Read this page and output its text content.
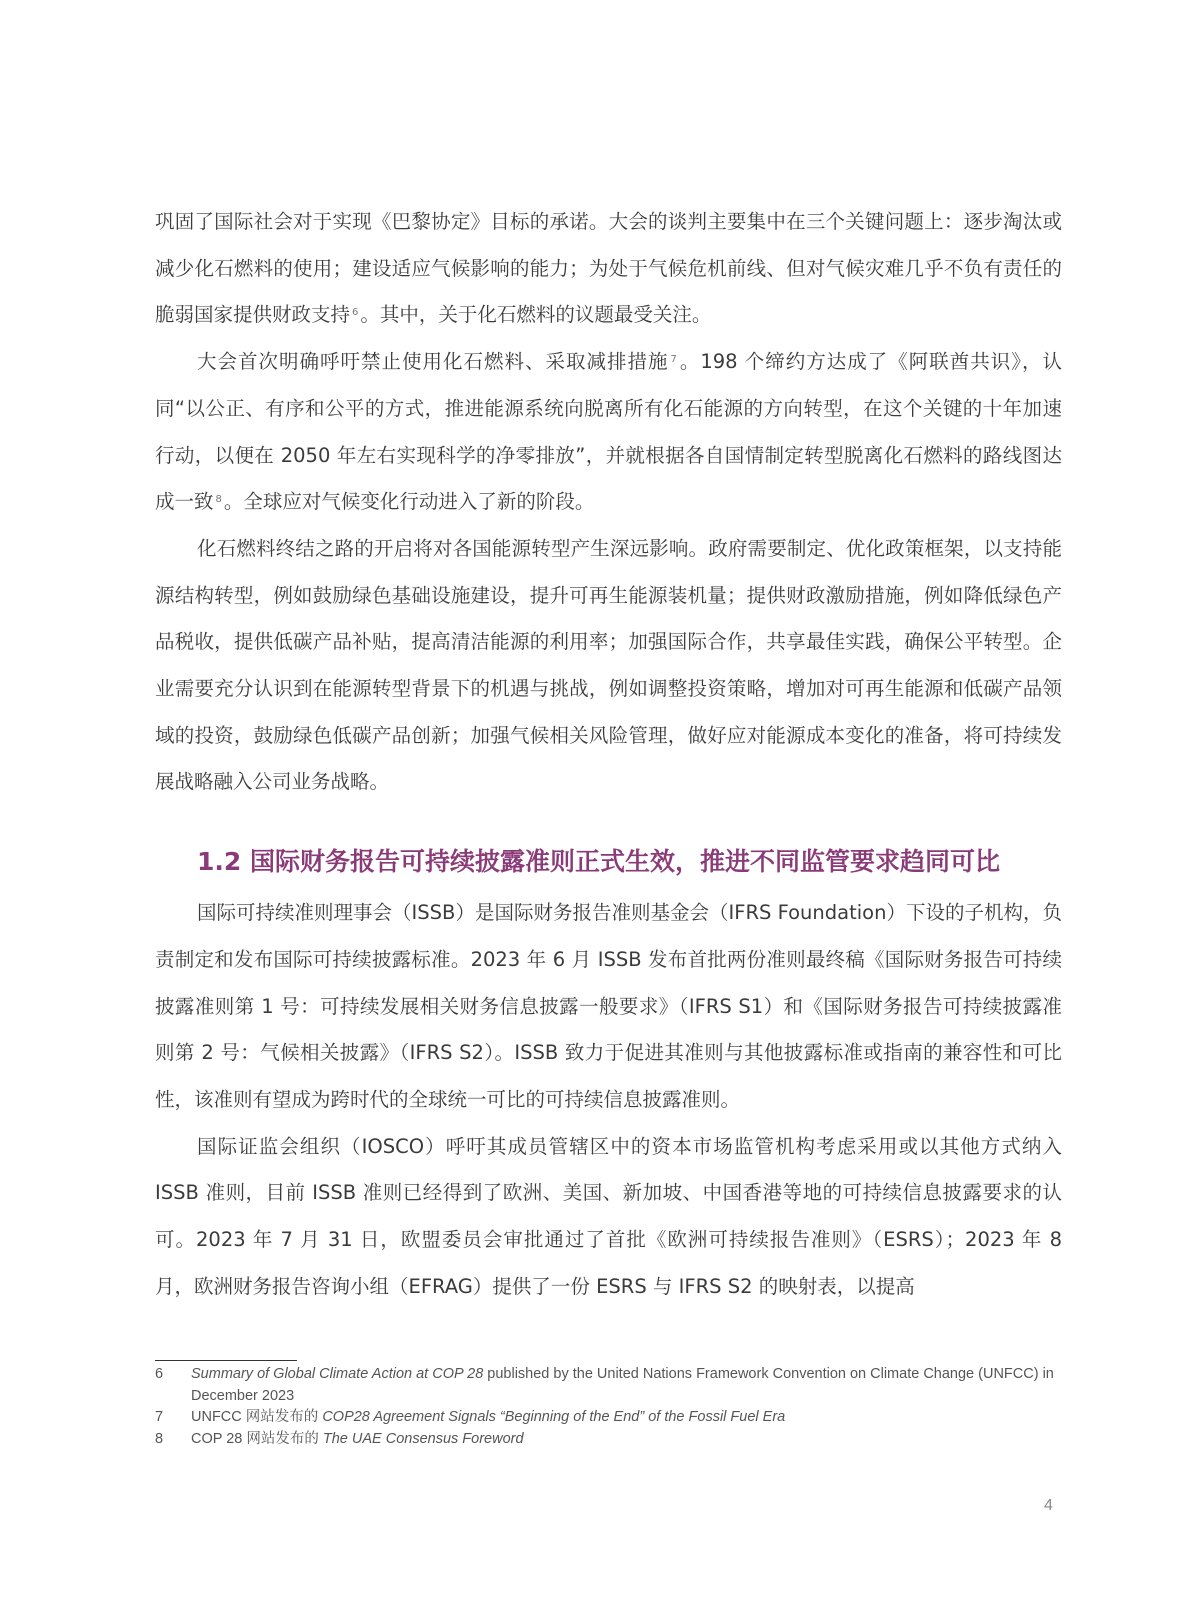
巩固了国际社会对于实现《巴黎协定》目标的承诺。大会的谈判主要集中在三个关键问题上：逐步淘汰或减少化石燃料的使用；建设适应气候影响的能力；为处于气候危机前线、但对气候灾难几乎不负有责任的脆弱国家提供财政支持 $^6$ 。其中，关于化石燃料的议题最受关注。

大会首次明确呼吁禁止使用化石燃料、采取减排措施 $^7$ 。198 个缔约方达成了《阿联酋共识》，认同“以公正、有序和公平的方式，推进能源系统向脱离所有化石能源的方向转型，在这个关键的十年加速行动，以便在 2050 年左右实现科学的净零排放”，并就根据各自国情制定转型脱离化石燃料的路线图达成一致 $^8$ 。全球应对气候变化行动进入了新的阶段。

化石燃料终结之路的开启将对各国能源转型产生深远影响。政府需要制定、优化政策框架，以支持能源结构转型，例如鼓励绿色基础设施建设，提升可再生能源装机量；提供财政激励措施，例如降低绿色产品税收，提供低碳产品补贴，提高清洁能源的利用率；加强国际合作，共享最佳实践，确保公平转型。企业需要充分认识到在能源转型背景下的机遇与挑战，例如调整投资策略，增加对可再生能源和低碳产品领域的投资，鼓励绿色低碳产品创新；加强气候相关风险管理，做好应对能源成本变化的准备，将可持续发展战略融入公司业务战略。

1.2 国际财务报告可持续披露准则正式生效，推进不同监管要求趋同可比

国际可持续准则理事会（ISSB）是国际财务报告准则基金会（IFRS Foundation）下设的子机构，负责制定和发布国际可持续披露标准。2023 年 6 月 ISSB 发布首批两份准则最终稿《国际财务报告可持续披露准则第 1 号：可持续发展相关财务信息披露一般要求》（IFRS S1）和《国际财务报告可持续披露准则第 2 号：气候相关披露》（IFRS S2）。ISSB 致力于促进其准则与其他披露标准或指南的兼容性和可比性，该准则有望成为跨时代的全球统一可比的可持续信息披露准则。

国际证监会组织（IOSCO）呼吁其成员管辖区中的资本市场监管机构考虑采用或以其他方式纳入 ISSB 准则，目前 ISSB 准则已经得到了欧洲、美国、新加坡、中国香港等地的可持续信息披露要求的认可。2023 年 7 月 31 日，欧盟委员会审批通过了首批《欧洲可持续报告准则》（ESRS）；2023 年 8 月，欧洲财务报告咨询小组（EFRAG）提供了一份 ESRS 与 IFRS S2 的映射表，以提高

6	Summary of Global Climate Action at COP 28 published by the United Nations Framework Convention on Climate Change (UNFCC) in December 2023
7	UNFCC 网站发布的 COP28 Agreement Signals “Beginning of the End” of the Fossil Fuel Era
8	COP 28 网站发布的 The UAE Consensus Foreword
4
